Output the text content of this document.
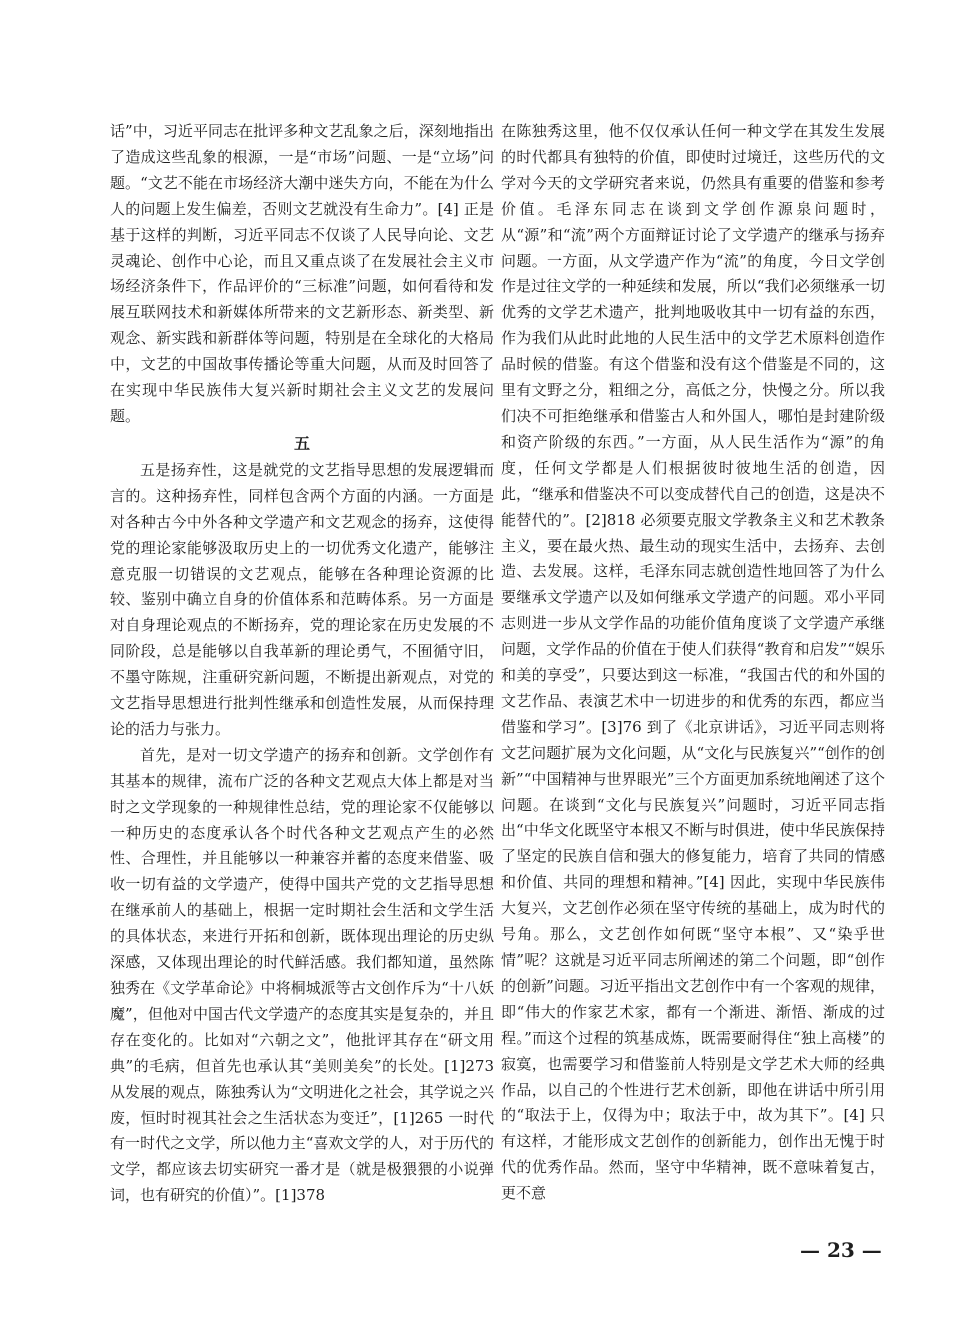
话”中，习近平同志在批评多种文艺乱象之后，深刻地指出了造成这些乱象的根源，一是“市场”问题、一是“立场”问题。“文艺不能在市场经济大潮中迷失方向，不能在为什么人的问题上发生偏差，否则文艺就没有生命力”。[4] 正是基于这样的判断，习近平同志不仅谈了人民导向论、文艺灵魂论、创作中心论，而且又重点谈了在发展社会主义市场经济条件下，作品评价的“三标准”问题，如何看待和发展互联网技术和新媒体所带来的文艺新形态、新类型、新观念、新实践和新群体等问题，特别是在全球化的大格局中，文艺的中国故事传播论等重大问题，从而及时回答了在实现中华民族伟大复兴新时期社会主义文艺的发展问题。

五

五是扬弃性，这是就党的文艺指导思想的发展逻辑而言的。这种扬弃性，同样包含两个方面的内涵。一方面是对各种古今中外各种文学遗产和文艺观念的扬弃，这使得党的理论家能够汲取历史上的一切优秀文化遗产，能够注意克服一切错误的文艺观点，能够在各种理论资源的比较、鉴别中确立自身的价值体系和范畴体系。另一方面是对自身理论观点的不断扬弃，党的理论家在历史发展的不同阶段，总是能够以自我革新的理论勇气，不囿循守旧，不墨守陈规，注重研究新问题，不断提出新观点，对党的文艺指导思想进行批判性继承和创造性发展，从而保持理论的活力与张力。

首先，是对一切文学遗产的扬弃和创新。文学创作有其基本的规律，流布广泛的各种文艺观点大体上都是对当时之文学现象的一种规律性总结，党的理论家不仅能够以一种历史的态度承认各个时代各种文艺观点产生的必然性、合理性，并且能够以一种兼容并蓄的态度来借鉴、吸收一切有益的文学遗产，使得中国共产党的文艺指导思想在继承前人的基础上，根据一定时期社会生活和文学生活的具体状态，来进行开拓和创新，既体现出理论的历史纵深感，又体现出理论的时代鲜活感。我们都知道，虽然陈独秀在《文学革命论》中将桐城派等古文创作斥为“十八妖魔”，但他对中国古代文学遗产的态度其实是复杂的，并且存在变化的。比如对“六朝之文”，他批评其存在“研文用典”的毛病，但首先也承认其“美则美矣”的长处。[1]273 从发展的观点，陈独秀认为“文明进化之社会，其学说之兴废，恒时时视其社会之生活状态为变迁”，[1]265 一时代有一时代之文学，所以他力主“喜欢文学的人，对于历代的文学，都应该去切实研究一番才是（就是极猥猥的小说弹词，也有研究的价值）”。[1]378

在陈独秀这里，他不仅仅承认任何一种文学在其发生发展的时代都具有独特的价值，即使时过境迁，这些历代的文学对今天的文学研究者来说，仍然具有重要的借鉴和参考价值。毛泽东同志在谈到文学创作源泉问题时，从“源”和“流”两个方面辩证讨论了文学遗产的继承与扬弃问题。一方面，从文学遗产作为“流”的角度，今日文学创作是过往文学的一种延续和发展，所以“我们必须继承一切优秀的文学艺术遗产，批判地吸收其中一切有益的东西，作为我们从此时此地的人民生活中的文学艺术原料创造作品时候的借鉴。有这个借鉴和没有这个借鉴是不同的，这里有文野之分，粗细之分，高低之分，快慢之分。所以我们决不可拒绝继承和借鉴古人和外国人，哪怕是封建阶级和资产阶级的东西。”一方面，从人民生活作为“源”的角度，任何文学都是人们根据彼时彼地生活的创造，因此，“继承和借鉴决不可以变成替代自己的创造，这是决不能替代的”。[2]818 必须要克服文学教条主义和艺术教条主义，要在最火热、最生动的现实生活中，去扬弃、去创造、去发展。这样，毛泽东同志就创造性地回答了为什么要继承文学遗产以及如何继承文学遗产的问题。邓小平同志则进一步从文学作品的功能价值角度谈了文学遗产承继问题，文学作品的价值在于使人们获得“教育和启发”“娱乐和美的享受”，只要达到这一标准，“我国古代的和外国的文艺作品、表演艺术中一切进步的和优秀的东西，都应当借鉴和学习”。[3]76 到了《北京讲话》，习近平同志则将文艺问题扩展为文化问题，从“文化与民族复兴”“创作的创新”“中国精神与世界眼光”三个方面更加系统地阐述了这个问题。在谈到“文化与民族复兴”问题时，习近平同志指出“中华文化既坚守本根又不断与时俱进，使中华民族保持了坚定的民族自信和强大的修复能力，培育了共同的情感和价值、共同的理想和精神。”[4] 因此，实现中华民族伟大复兴，文艺创作必须在坚守传统的基础上，成为时代的号角。那么，文艺创作如何既“坚守本根”、又“染乎世情”呢？这就是习近平同志所阐述的第二个问题，即“创作的创新”问题。习近平指出文艺创作中有一个客观的规律，即“伟大的作家艺术家，都有一个渐进、渐悟、渐成的过程。”而这个过程的筑基成炼，既需要耐得住“独上高楼”的寂寞，也需要学习和借鉴前人特别是文学艺术大师的经典作品，以自己的个性进行艺术创新，即他在讲话中所引用的“取法于上，仅得为中；取法于中，故为其下”。[4] 只有这样，才能形成文艺创作的创新能力，创作出无愧于时代的优秀作品。然而，坚守中华精神，既不意味着复古，更不意

— 23 —
